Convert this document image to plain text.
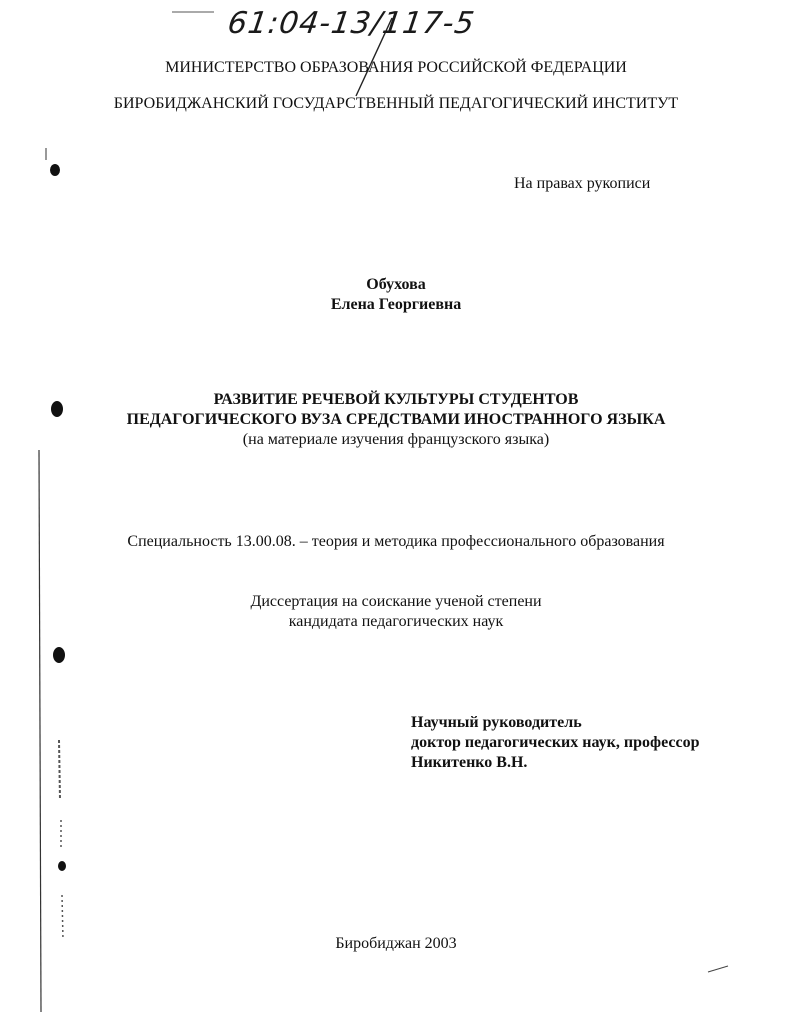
61:04-13/117-5
МИНИСТЕРСТВО ОБРАЗОВАНИЯ РОССИЙСКОЙ ФЕДЕРАЦИИ
БИРОБИДЖАНСКИЙ ГОСУДАРСТВЕННЫЙ ПЕДАГОГИЧЕСКИЙ ИНСТИТУТ
На правах рукописи
Обухова
Елена Георгиевна
РАЗВИТИЕ РЕЧЕВОЙ КУЛЬТУРЫ СТУДЕНТОВ
ПЕДАГОГИЧЕСКОГО ВУЗА СРЕДСТВАМИ ИНОСТРАННОГО ЯЗЫКА
(на материале изучения французского языка)
Специальность 13.00.08. – теория и методика профессионального образования
Диссертация на соискание ученой степени
кандидата педагогических наук
Научный руководитель
доктор педагогических наук, профессор
Никитенко В.Н.
Биробиджан 2003
